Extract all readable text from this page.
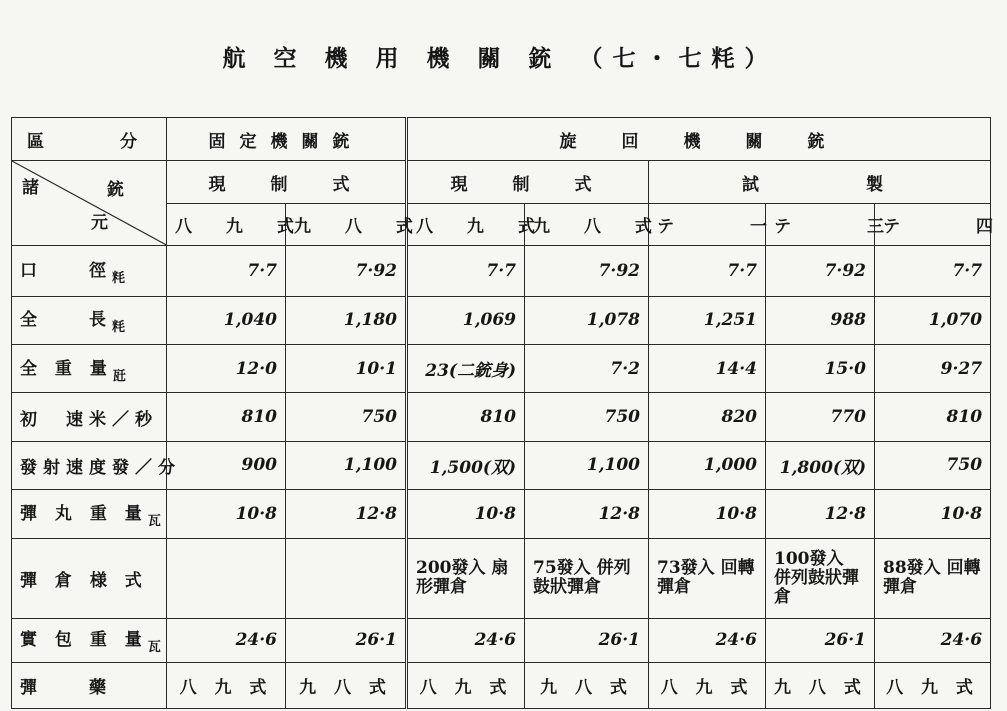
航 空 機 用 機 關 銃 （七・七粍）
區　　分	固定機關銃		旋　回　機　關　銃				

諸 銃
元	現　制　式		現　制　式		試　　　製		
	八 九 式	九 八 式	八 九 式	九 八 式	テ　　一	テ　　三	テ　　四
口　　徑$_粍$	7·7	7·92	7·7	7·92	7·7	7·92	7·7
全　　長$_粍$	1,040	1,180	1,069	1,078	1,251	988	1,070
全 重 量$_瓩$	12·0	10·1	23(二銃身)	7·2	14·4	15·0	9·27
初　速米／秒	810	750	810	750	820	770	810
發射速度發／分	900	1,100	1,500(双)	1,100	1,000	1,800(双)	750
彈 丸 重 量$_瓦$	10·8	12·8	10·8	12·8	10·8	12·8	10·8
彈 倉 様 式			200發入 扇形彈倉	75發入 併列鼓狀彈倉	73發入 回轉彈倉	100發入 併列鼓狀彈倉	88發入 回轉彈倉
實 包 重 量$_瓦$	24·6	26·1	24·6	26·1	24·6	26·1	24·6
彈　　藥	八 九 式	九 八 式	八 九 式	九 八 式	八 九 式	九 八 式	八 九 式
